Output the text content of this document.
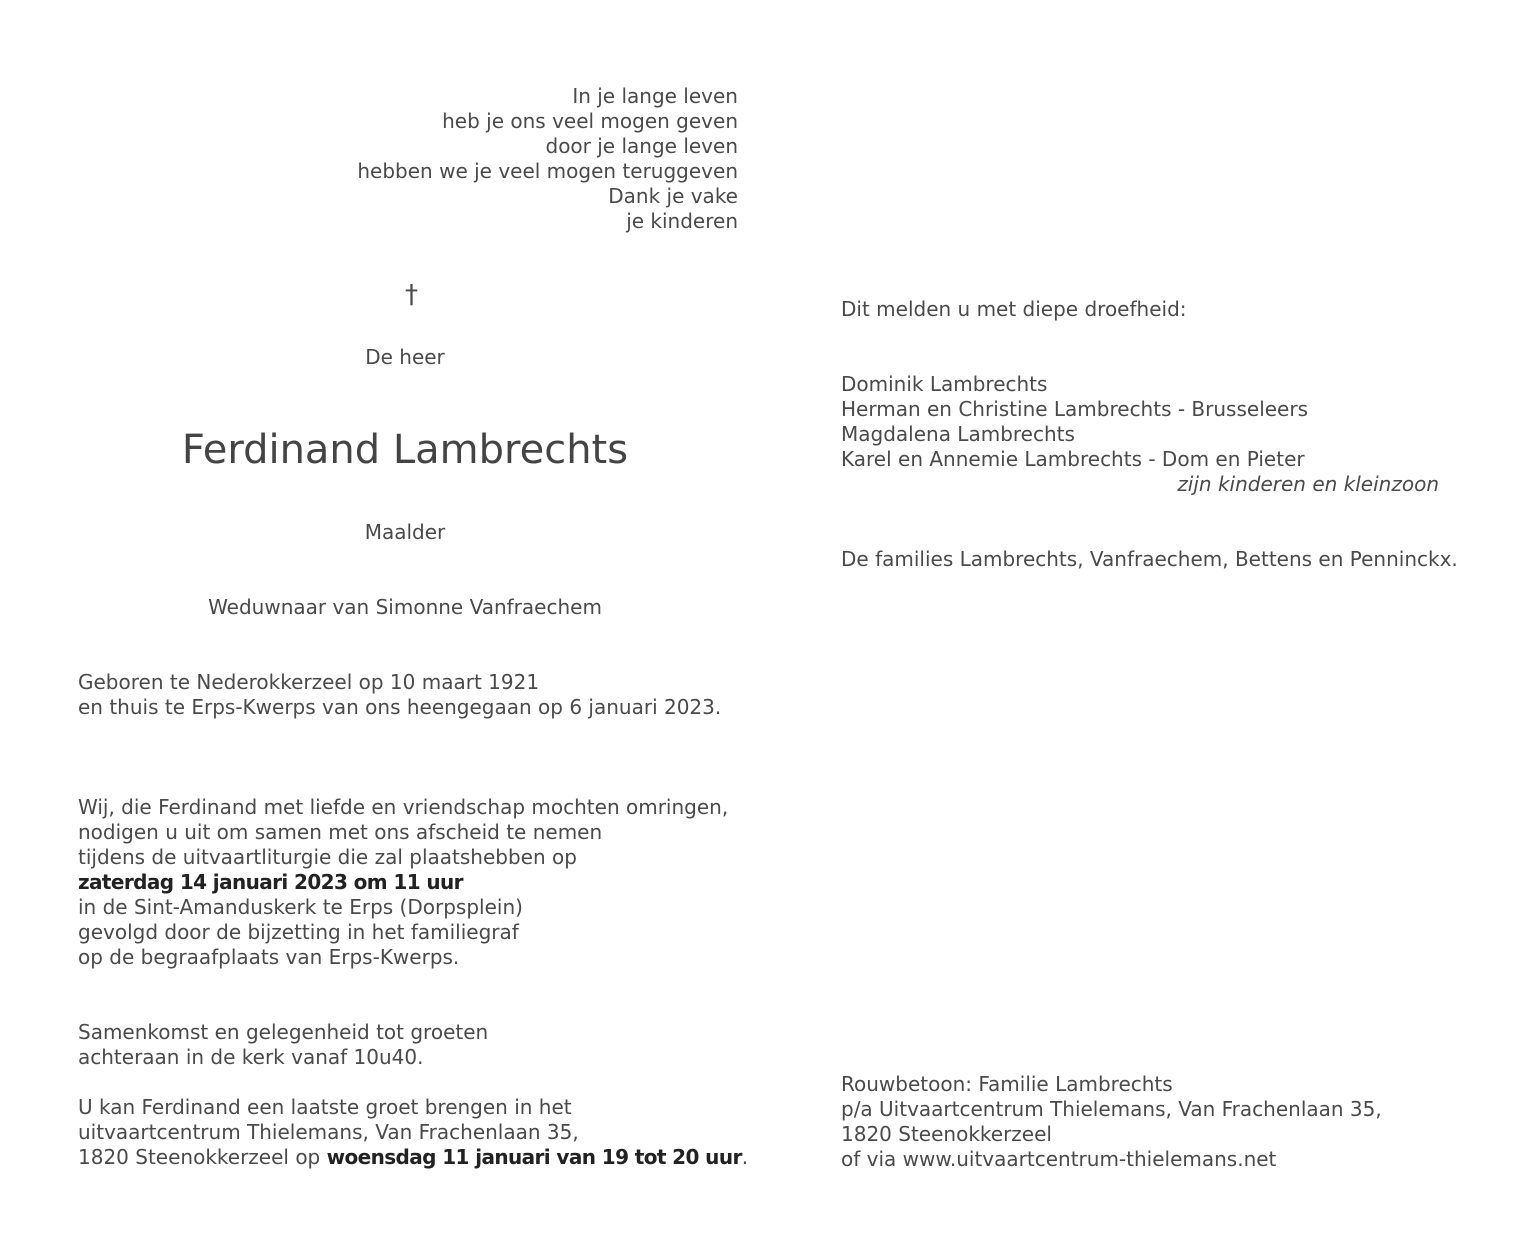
In je lange leven
heb je ons veel mogen geven
door je lange leven
hebben we je veel mogen teruggeven
Dank je vake
je kinderen
†
De heer
Ferdinand Lambrechts
Maalder
Weduwnaar van Simonne Vanfraechem
Geboren te Nederokkerzeel op 10 maart 1921
en thuis te Erps-Kwerps van ons heengegaan op 6 januari 2023.
Wij, die Ferdinand met liefde en vriendschap mochten omringen,
nodigen u uit om samen met ons afscheid te nemen
tijdens de uitvaartliturgie die zal plaatshebben op
zaterdag 14 januari 2023 om 11 uur
in de Sint-Amanduskerk te Erps (Dorpsplein)
gevolgd door de bijzetting in het familiegraf
op de begraafplaats van Erps-Kwerps.
Samenkomst en gelegenheid tot groeten
achteraan in de kerk vanaf 10u40.
U kan Ferdinand een laatste groet brengen in het
uitvaartcentrum Thielemans, Van Frachenlaan 35,
1820 Steenokkerzeel op woensdag 11 januari van 19 tot 20 uur.
Dit melden u met diepe droefheid:
Dominik Lambrechts
Herman en Christine Lambrechts - Brusseleers
Magdalena Lambrechts
Karel en Annemie Lambrechts - Dom en Pieter
zijn kinderen en kleinzoon
De families Lambrechts, Vanfraechem, Bettens en Penninckx.
Rouwbetoon: Familie Lambrechts
p/a Uitvaartcentrum Thielemans, Van Frachenlaan 35,
1820 Steenokkerzeel
of via www.uitvaartcentrum-thielemans.net
